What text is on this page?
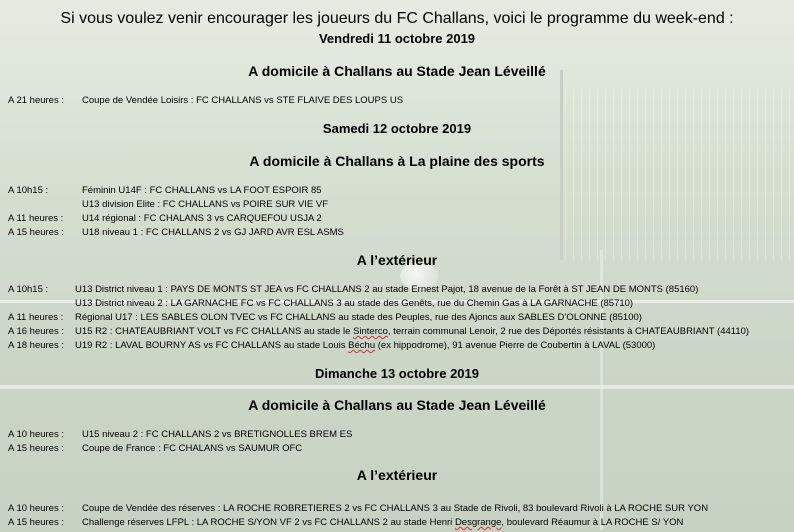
Si vous voulez venir encourager les joueurs du FC Challans, voici le programme du week-end :
Vendredi 11 octobre 2019
A domicile à Challans au Stade Jean Léveillé
A 21 heures : Coupe de Vendée Loisirs : FC CHALLANS vs STE FLAIVE DES LOUPS US
Samedi 12 octobre 2019
A domicile à Challans à La plaine des sports
A 10h15 :	Féminin U14F : FC CHALLANS vs LA FOOT ESPOIR 85
U13 division Elite : FC CHALLANS vs POIRE SUR VIE VF
A 11 heures : U14 régional : FC CHALANS 3 vs CARQUEFOU USJA 2
A 15 heures : U18 niveau 1 : FC CHALLANS 2 vs GJ JARD AVR ESL ASMS
A l’extérieur
A 10h15 :	U13 District niveau 1 : PAYS DE MONTS ST JEA vs FC CHALLANS 2 au stade Ernest Pajot, 18 avenue de la Forêt à ST JEAN DE MONTS (85160)
U13 District niveau 2 : LA GARNACHE FC vs FC CHALLANS 3 au stade des Genêts, rue du Chemin Gas à LA GARNACHE (85710)
A 11 heures : Régional U17 : LES SABLES OLON TVEC vs FC CHALLANS au stade des Peuples, rue des Ajoncs aux SABLES D’OLONNE (85100)
A 16 heures : U15 R2 : CHATEAUBRIANT VOLT vs FC CHALLANS au stade le Sinterco, terrain communal Lenoir, 2 rue des Déportés résistants à CHATEAUBRIANT (44110)
A 18 heures : U19 R2 : LAVAL BOURNY AS vs FC CHALLANS au stade Louis Béchu (ex hippodrome), 91 avenue Pierre de Coubertin à LAVAL (53000)
Dimanche 13 octobre 2019
A domicile à Challans au Stade Jean Léveillé
A 10 heures : U15 niveau 2 : FC CHALLANS 2 vs BRETIGNOLLES BREM ES
A 15 heures : Coupe de France : FC CHALANS vs SAUMUR OFC
A l’extérieur
A 10 heures : Coupe de Vendée des réserves : LA ROCHE ROBRETIERES 2 vs FC CHALLANS 3 au Stade de Rivoli, 83 boulevard Rivoli à LA ROCHE SUR YON
A 15 heures : Challenge réserves LFPL : LA ROCHE S/YON VF 2 vs FC CHALLANS 2 au stade Henri Desgrange, boulevard Réaumur à LA ROCHE S/ YON
